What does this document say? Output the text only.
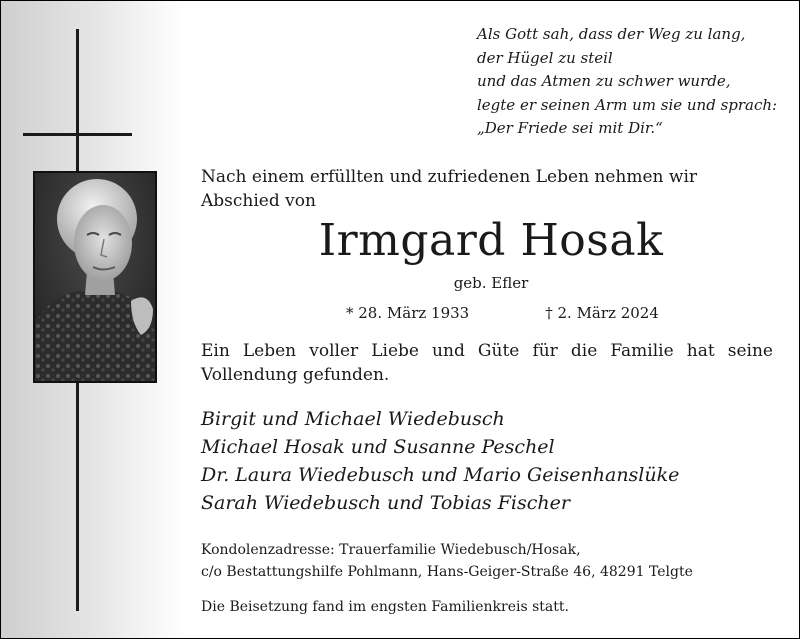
Als Gott sah, dass der Weg zu lang,
der Hügel zu steil
und das Atmen zu schwer wurde,
legte er seinen Arm um sie und sprach:
„Der Friede sei mit Dir.“
Nach einem erfüllten und zufriedenen Leben nehmen wir
Abschied von
Irmgard Hosak
geb. Efler
* 28. März 1933	† 2. März 2024
Ein Leben voller Liebe und Güte für die Familie hat seine Vollendung gefunden.
Birgit und Michael Wiedebusch
Michael Hosak und Susanne Peschel
Dr. Laura Wiedebusch und Mario Geisenhanslüke
Sarah Wiedebusch und Tobias Fischer
Kondolenzadresse: Trauerfamilie Wiedebusch/Hosak,
c/o Bestattungshilfe Pohlmann, Hans-Geiger-Straße 46, 48291 Telgte
Die Beisetzung fand im engsten Familienkreis statt.
